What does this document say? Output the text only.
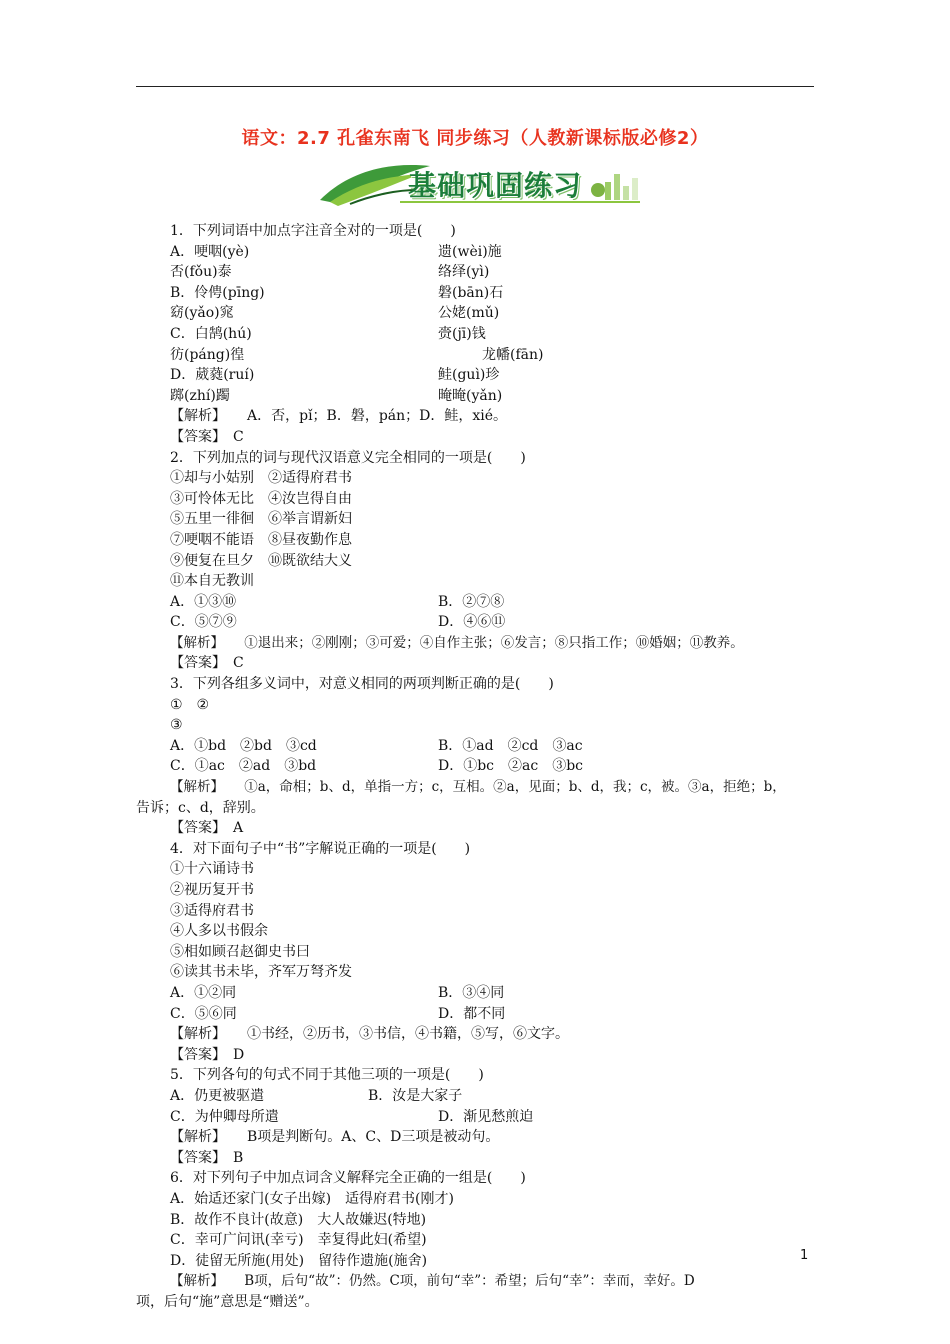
语文：2.7 孔雀东南飞 同步练习（人教新课标版必修2）
基础巩固练习
1．下列词语中加点字注音全对的一项是(　　)
A．哽咽(yè)	遗(wèi)施
否(fǒu)泰	络绎(yì)
B．伶俜(pīng)	磐(bān)石
窈(yǎo)窕	公姥(mǔ)
C．白鹄(hú)	赍(jī)钱
彷(páng)徨	龙幡(fān)
D．葳蕤(ruí)	鲑(guì)珍
踯(zhí)躅	晻晻(yǎn)
【解析】　　A．否，pǐ；B．磐，pán；D．鲑，xié。
【答案】　C
2．下列加点的词与现代汉语意义完全相同的一项是(　　)
①却与小姑别　②适得府君书
③可怜体无比　④汝岂得自由
⑤五里一徘徊　⑥举言谓新妇
⑦哽咽不能语　⑧昼夜勤作息
⑨便复在旦夕　⑩既欲结大义
⑪本自无教训
A．①③⑩	B．②⑦⑧
C．⑤⑦⑨	D．④⑥⑪
【解析】　　①退出来；②刚刚；③可爱；④自作主张；⑥发言；⑧只指工作；⑩婚姻；⑪教养。
【答案】　C
3．下列各组多义词中，对意义相同的两项判断正确的是(　　)
①　②
③
A．①bd　②bd　③cd	B．①ad　②cd　③ac
C．①ac　②ad　③bd	D．①bc　②ac　③bc
【解析】　　①a，命相；b、d，单指一方；c，互相。②a，见面；b、d，我；c，被。③a，拒绝；b，
告诉；c、d，辞别。
【答案】　A
4．对下面句子中“书”字解说正确的一项是(　　)
①十六诵诗书
②视历复开书
③适得府君书
④人多以书假余
⑤相如顾召赵御史书曰
⑥读其书未毕，齐军万弩齐发
A．①②同	B．③④同
C．⑤⑥同	D．都不同
【解析】　　①书经，②历书，③书信，④书籍，⑤写，⑥文字。
【答案】　D
5．下列各句的句式不同于其他三项的一项是(　　)
A．仍更被驱遣	B．汝是大家子
C．为仲卿母所遣	D．渐见愁煎迫
【解析】　　B项是判断句。A、C、D三项是被动句。
【答案】　B
6．对下列句子中加点词含义解释完全正确的一组是(　　)
A．始适还家门(女子出嫁)　适得府君书(刚才)
B．故作不良计(故意)　大人故嫌迟(特地)
C．幸可广问讯(幸亏)　幸复得此妇(希望)
D．徒留无所施(用处)　留待作遗施(施舍)
【解析】　　B项，后句“故”：仍然。C项，前句“幸”：希望；后句“幸”：幸而，幸好。D
项，后句“施”意思是“赠送”。
1
